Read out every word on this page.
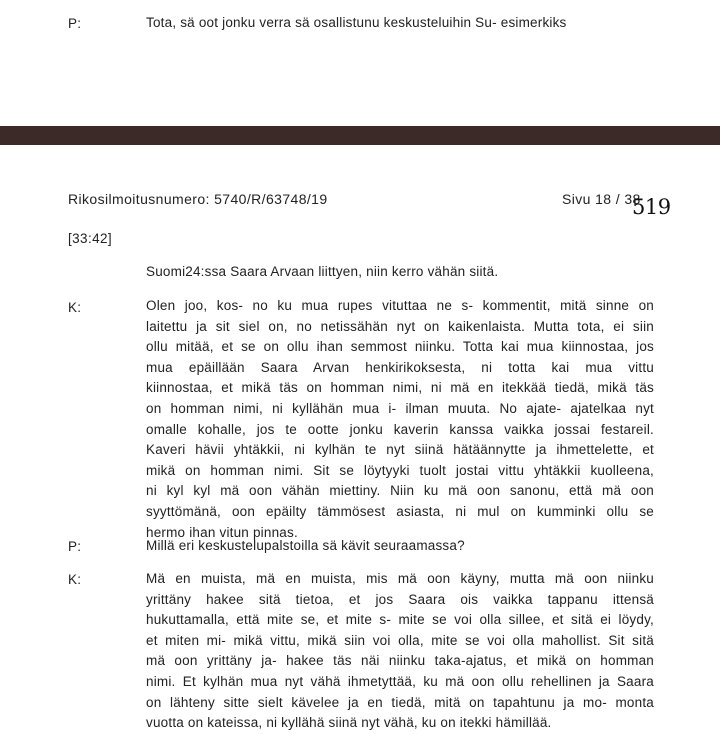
P:	Tota, sä oot jonku verra sä osallistunu keskusteluihin Su- esimerkiks
Rikosilmoitusnumero: 5740/R/63748/19	Sivu 18 / 38
519
[33:42]
Suomi24:ssa Saara Arvaan liittyen, niin kerro vähän siitä.
K:	Olen joo, kos- no ku mua rupes vituttaa ne s- kommentit, mitä sinne on
laitettu ja sit siel on, no netissähän nyt on kaikenlaista. Mutta tota, ei siin
ollu mitää, et se on ollu ihan semmost niinku. Totta kai mua kiinnostaa, jos
mua epäillään Saara Arvan henkirikoksesta, ni totta kai mua vittu
kiinnostaa, et mikä täs on homman nimi, ni mä en itekkää tiedä, mikä täs
on homman nimi, ni kyllähän mua i- ilman muuta. No ajate- ajatelkaa nyt
omalle kohalle, jos te ootte jonku kaverin kanssa vaikka jossai festareil.
Kaveri hävii yhtäkkii, ni kylhän te nyt siinä hätäännytte ja ihmettelette, et
mikä on homman nimi. Sit se löytyyki tuolt jostai vittu yhtäkkii kuolleena,
ni kyl kyl mä oon vähän miettiny. Niin ku mä oon sanonu, että mä oon
syyttömänä, oon epäilty tämmösest asiasta, ni mul on kumminki ollu se
hermo ihan vitun pinnas.
P:	Millä eri keskustelupalstoilla sä kävit seuraamassa?
K:	Mä en muista, mä en muista, mis mä oon käyny, mutta mä oon niinku
yrittäny hakee sitä tietoa, et jos Saara ois vaikka tappanu ittensä
hukuttamalla, että mite se, et mite s- mite se voi olla sillee, et sitä ei löydy,
et miten mi- mikä vittu, mikä siin voi olla, mite se voi olla mahollist. Sit sitä
mä oon yrittäny ja- hakee täs näi niinku taka-ajatus, et mikä on homman
nimi. Et kylhän mua nyt vähä ihmetyttää, ku mä oon ollu rehellinen ja Saara
on lähteny sitte sielt kävelee ja en tiedä, mitä on tapahtunu ja mo- monta
vuotta on kateissa, ni kyllähä siinä nyt vähä, ku on itekki hämillää.
